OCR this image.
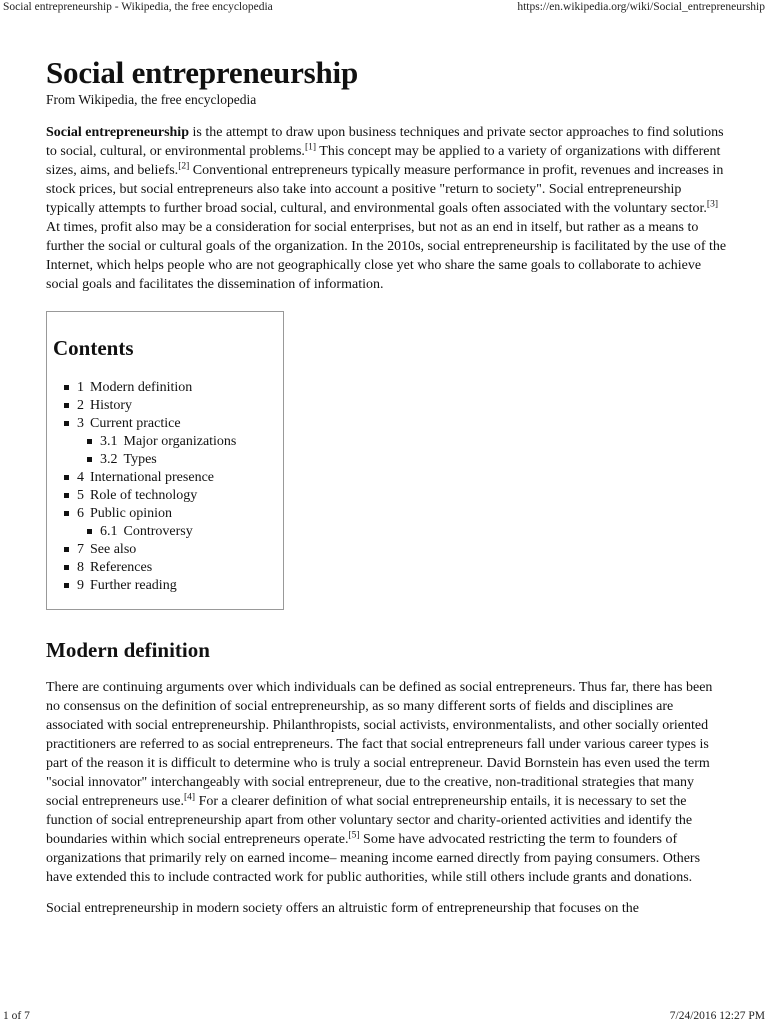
Social entrepreneurship - Wikipedia, the free encyclopedia	https://en.wikipedia.org/wiki/Social_entrepreneurship
Social entrepreneurship
From Wikipedia, the free encyclopedia

Social entrepreneurship is the attempt to draw upon business techniques and private sector approaches to find solutions to social, cultural, or environmental problems.[1] This concept may be applied to a variety of organizations with different sizes, aims, and beliefs.[2] Conventional entrepreneurs typically measure performance in profit, revenues and increases in stock prices, but social entrepreneurs also take into account a positive "return to society". Social entrepreneurship typically attempts to further broad social, cultural, and environmental goals often associated with the voluntary sector.[3] At times, profit also may be a consideration for social enterprises, but not as an end in itself, but rather as a means to further the social or cultural goals of the organization. In the 2010s, social entrepreneurship is facilitated by the use of the Internet, which helps people who are not geographically close yet who share the same goals to collaborate to achieve social goals and facilitates the dissemination of information.

Contents
1 Modern definition
2 History
3 Current practice
3.1 Major organizations
3.2 Types
4 International presence
5 Role of technology
6 Public opinion
6.1 Controversy
7 See also
8 References
9 Further reading
Modern definition

There are continuing arguments over which individuals can be defined as social entrepreneurs. Thus far, there has been no consensus on the definition of social entrepreneurship, as so many different sorts of fields and disciplines are associated with social entrepreneurship. Philanthropists, social activists, environmentalists, and other socially oriented practitioners are referred to as social entrepreneurs. The fact that social entrepreneurs fall under various career types is part of the reason it is difficult to determine who is truly a social entrepreneur. David Bornstein has even used the term "social innovator" interchangeably with social entrepreneur, due to the creative, non-traditional strategies that many social entrepreneurs use.[4] For a clearer definition of what social entrepreneurship entails, it is necessary to set the function of social entrepreneurship apart from other voluntary sector and charity-oriented activities and identify the boundaries within which social entrepreneurs operate.[5] Some have advocated restricting the term to founders of organizations that primarily rely on earned income– meaning income earned directly from paying consumers. Others have extended this to include contracted work for public authorities, while still others include grants and donations.

Social entrepreneurship in modern society offers an altruistic form of entrepreneurship that focuses on the

1 of 7	7/24/2016 12:27 PM
